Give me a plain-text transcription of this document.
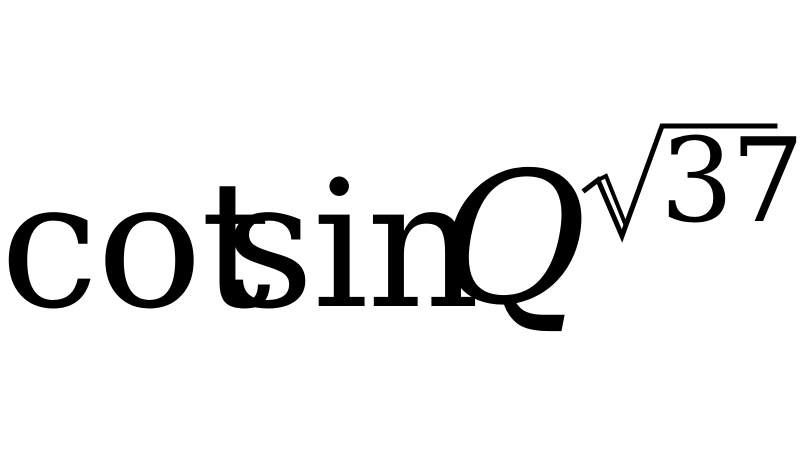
cot
sin
Q 37
